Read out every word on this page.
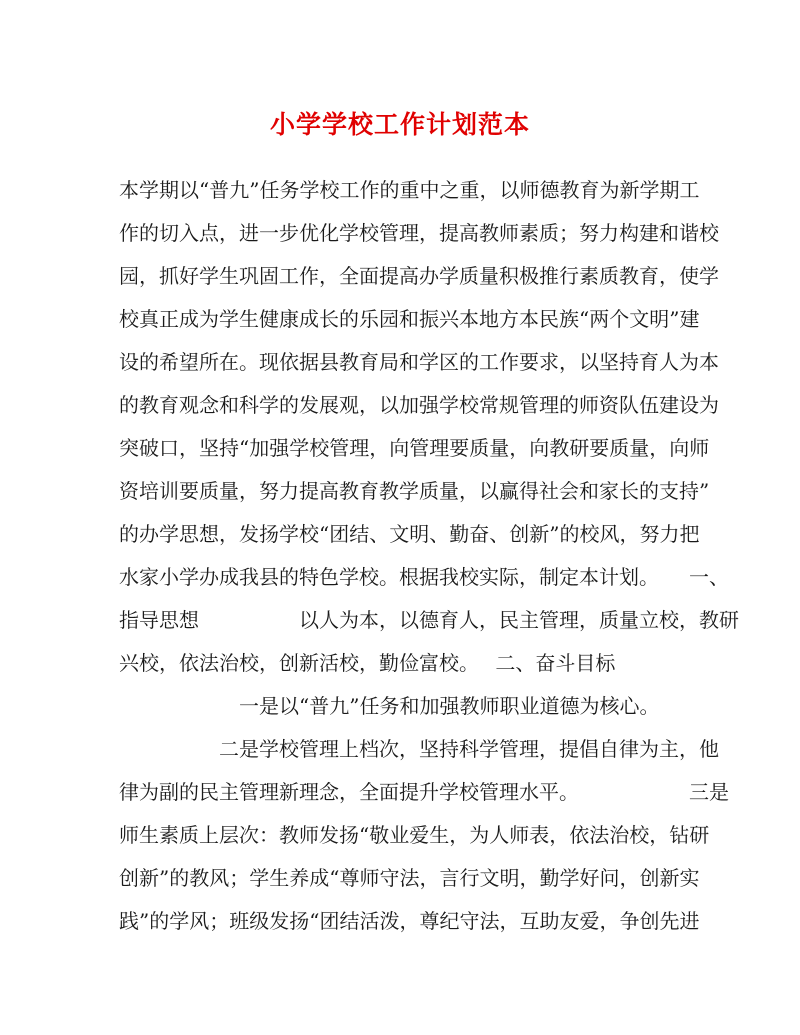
小学学校工作计划范本
本学期以“普九”任务学校工作的重中之重，以师德教育为新学期工
作的切入点，进一步优化学校管理，提高教师素质；努力构建和谐校
园，抓好学生巩固工作，全面提高办学质量积极推行素质教育，使学
校真正成为学生健康成长的乐园和振兴本地方本民族“两个文明”建
设的希望所在。现依据县教育局和学区的工作要求，以坚持育人为本
的教育观念和科学的发展观，以加强学校常规管理的师资队伍建设为
突破口，坚持“加强学校管理，向管理要质量，向教研要质量，向师
资培训要质量，努力提高教育教学质量，以赢得社会和家长的支持”
的办学思想，发扬学校“团结、文明、勤奋、创新”的校风，努力把
水家小学办成我县的特色学校。根据我校实际，制定本计划。　　一、
指导思想　　　　　以人为本，以德育人，民主管理，质量立校，教研
兴校，依法治校，创新活校，勤俭富校。　 二、奋斗目标
　　　　　　一是以“普九”任务和加强教师职业道德为核心。
　　　　　二是学校管理上档次，坚持科学管理，提倡自律为主，他
律为副的民主管理新理念，全面提升学校管理水平。　　　　　　三是
师生素质上层次：教师发扬“敬业爱生，为人师表，依法治校，钻研
创新”的教风；学生养成“尊师守法，言行文明，勤学好问，创新实
践”的学风；班级发扬“团结活泼，尊纪守法，互助友爱，争创先进
